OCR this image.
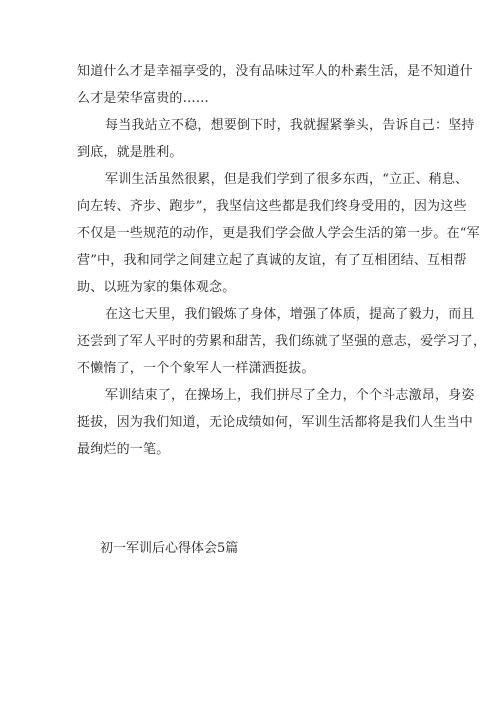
知道什么才是幸福享受的，没有品味过军人的朴素生活，是不知道什
么才是荣华富贵的……
每当我站立不稳，想要倒下时，我就握紧拳头，告诉自己：坚持
到底，就是胜利。
军训生活虽然很累，但是我们学到了很多东西，“立正、稍息、
向左转、齐步、跑步”，我坚信这些都是我们终身受用的，因为这些
不仅是一些规范的动作，更是我们学会做人学会生活的第一步。在“军
营”中，我和同学之间建立起了真诚的友谊，有了互相团结、互相帮
助、以班为家的集体观念。
在这七天里，我们锻炼了身体，增强了体质，提高了毅力，而且
还尝到了军人平时的劳累和甜苦，我们练就了坚强的意志，爱学习了，
不懒惰了，一个个象军人一样潇洒挺拔。
军训结束了，在操场上，我们拼尽了全力，个个斗志激昂，身姿
挺拔，因为我们知道，无论成绩如何，军训生活都将是我们人生当中
最绚烂的一笔。
初一军训后心得体会5篇
